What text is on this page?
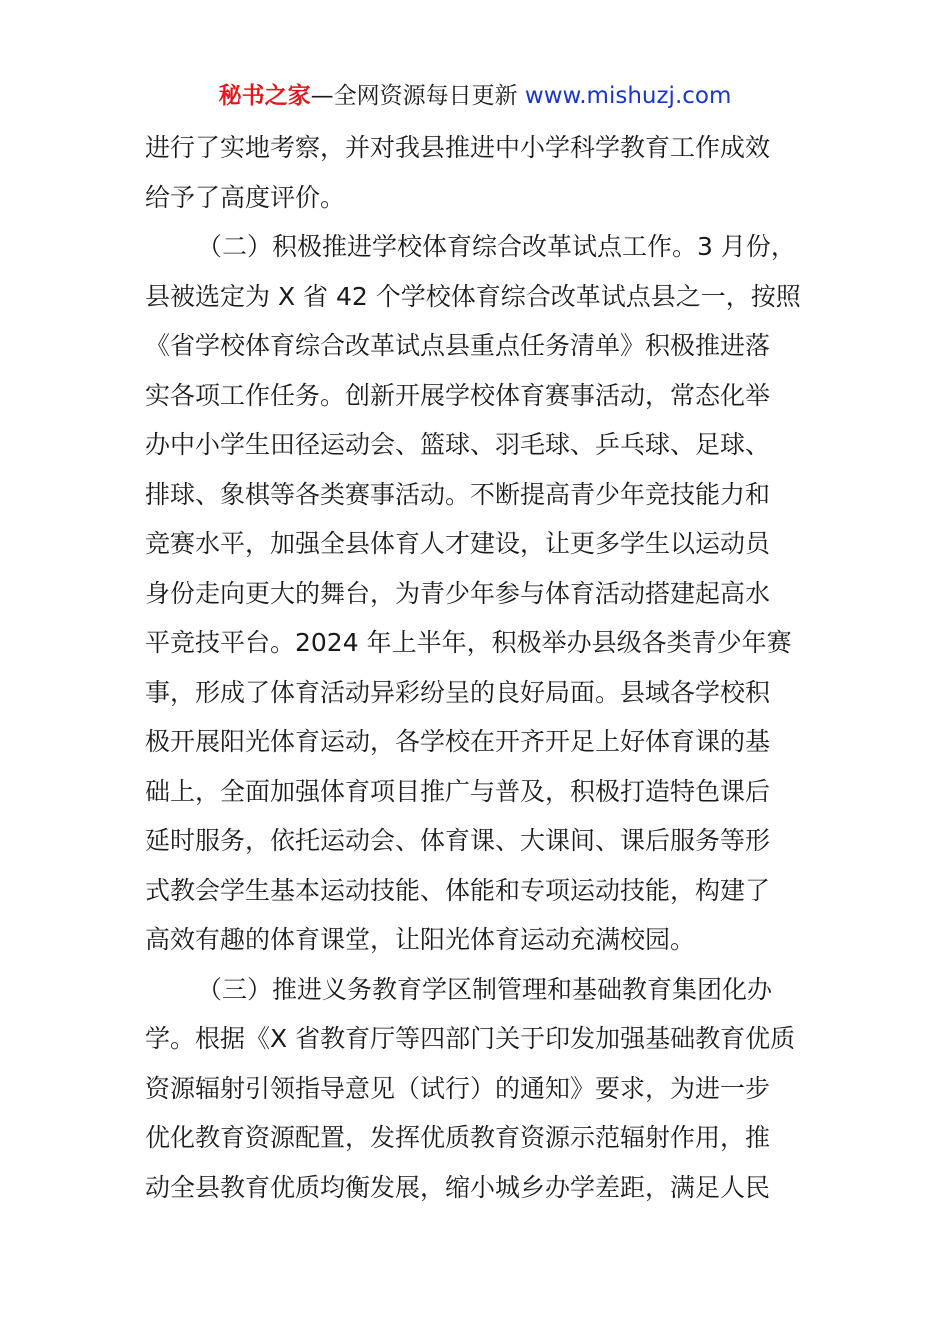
秘书之家—全网资源每日更新 www.mishuzj.com
进行了实地考察，并对我县推进中小学科学教育工作成效
给予了高度评价。
（二）积极推进学校体育综合改革试点工作。3 月份，
县被选定为 X 省 42 个学校体育综合改革试点县之一，按照
《省学校体育综合改革试点县重点任务清单》积极推进落
实各项工作任务。创新开展学校体育赛事活动，常态化举
办中小学生田径运动会、篮球、羽毛球、乒乓球、足球、
排球、象棋等各类赛事活动。不断提高青少年竞技能力和
竞赛水平，加强全县体育人才建设，让更多学生以运动员
身份走向更大的舞台，为青少年参与体育活动搭建起高水
平竞技平台。2024 年上半年，积极举办县级各类青少年赛
事，形成了体育活动异彩纷呈的良好局面。县域各学校积
极开展阳光体育运动，各学校在开齐开足上好体育课的基
础上，全面加强体育项目推广与普及，积极打造特色课后
延时服务，依托运动会、体育课、大课间、课后服务等形
式教会学生基本运动技能、体能和专项运动技能，构建了
高效有趣的体育课堂，让阳光体育运动充满校园。
（三）推进义务教育学区制管理和基础教育集团化办
学。根据《X 省教育厅等四部门关于印发加强基础教育优质
资源辐射引领指导意见（试行）的通知》要求，为进一步
优化教育资源配置，发挥优质教育资源示范辐射作用，推
动全县教育优质均衡发展，缩小城乡办学差距，满足人民
